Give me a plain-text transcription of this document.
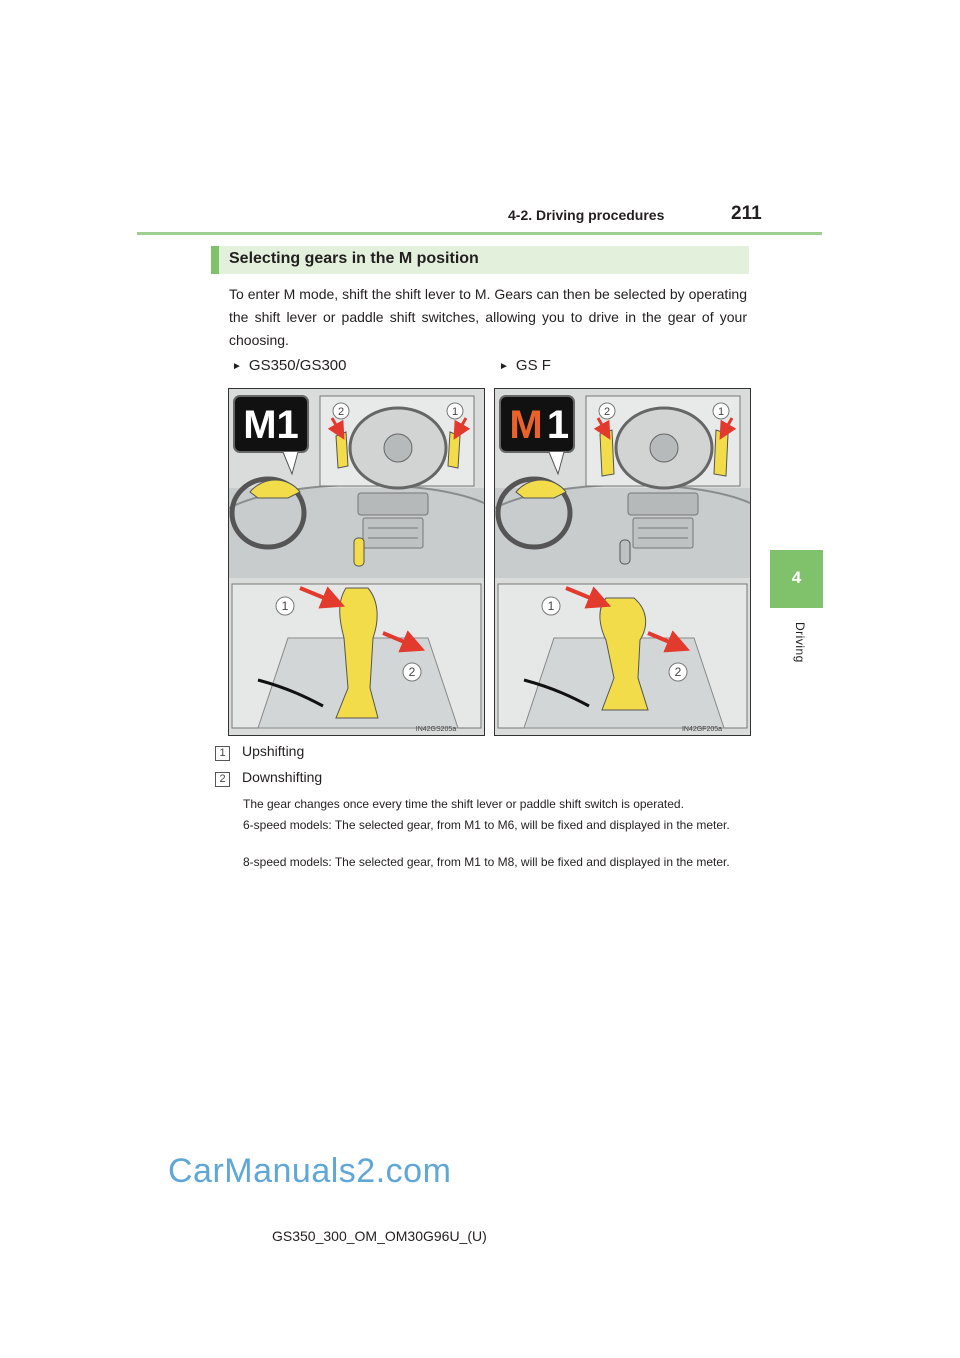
4-2. Driving procedures	211
4
Driving
Selecting gears in the M position
To enter M mode, shift the shift lever to M. Gears can then be selected by operating the shift lever or paddle shift switches, allowing you to drive in the gear of your choosing.
► GS350/GS300	► GS F
M1	2	1
1
2
IN42GS205a
M 1	2	1
1
2
IN42GF205a
1 Upshifting
2 Downshifting
The gear changes once every time the shift lever or paddle shift switch is operated.
6-speed models: The selected gear, from M1 to M6, will be fixed and displayed in the meter.
8-speed models: The selected gear, from M1 to M8, will be fixed and displayed in the meter.
CarManuals2.com
GS350_300_OM_OM30G96U_(U)
